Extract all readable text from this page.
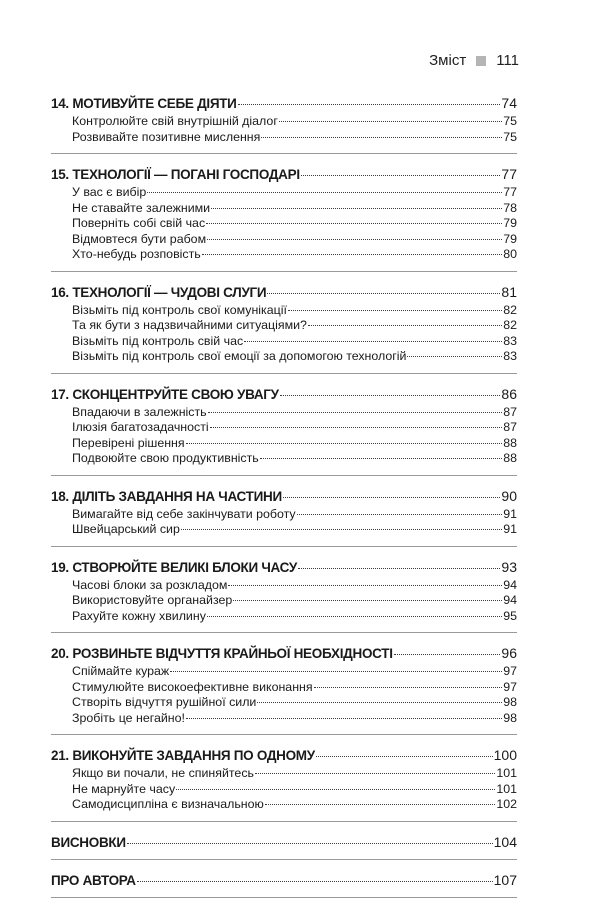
Зміст 111
14. МОТИВУЙТЕ СЕБЕ ДІЯТИ	74
Контролюйте свій внутрішній діалог	75
Розвивайте позитивне мислення	75
15. ТЕХНОЛОГІЇ — ПОГАНІ ГОСПОДАРІ	77
У вас є вибір	77
Не ставайте залежними	78
Поверніть собі свій час	79
Відмовтеся бути рабом	79
Хто-небудь розповість	80
16. ТЕХНОЛОГІЇ — ЧУДОВІ СЛУГИ	81
Візьміть під контроль свої комунікації	82
Та як бути з надзвичайними ситуаціями?	82
Візьміть під контроль свій час	83
Візьміть під контроль свої емоції за допомогою технологій	83
17. СКОНЦЕНТРУЙТЕ СВОЮ УВАГУ	86
Впадаючи в залежність	87
Ілюзія багатозадачності	87
Перевірені рішення	88
Подвоюйте свою продуктивність	88
18. ДІЛІТЬ ЗАВДАННЯ НА ЧАСТИНИ	90
Вимагайте від себе закінчувати роботу	91
Швейцарський сир	91
19. СТВОРЮЙТЕ ВЕЛИКІ БЛОКИ ЧАСУ	93
Часові блоки за розкладом	94
Використовуйте органайзер	94
Рахуйте кожну хвилину	95
20. РОЗВИНЬТЕ ВІДЧУТТЯ КРАЙНЬОЇ НЕОБХІДНОСТІ	96
Спіймайте кураж	97
Стимулюйте високоефективне виконання	97
Створіть відчуття рушійної сили	98
Зробіть це негайно!	98
21. ВИКОНУЙТЕ ЗАВДАННЯ ПО ОДНОМУ	100
Якщо ви почали, не спиняйтесь	101
Не марнуйте часу	101
Самодисципліна є визначальною	102
ВИСНОВКИ	104
ПРО АВТОРА	107
